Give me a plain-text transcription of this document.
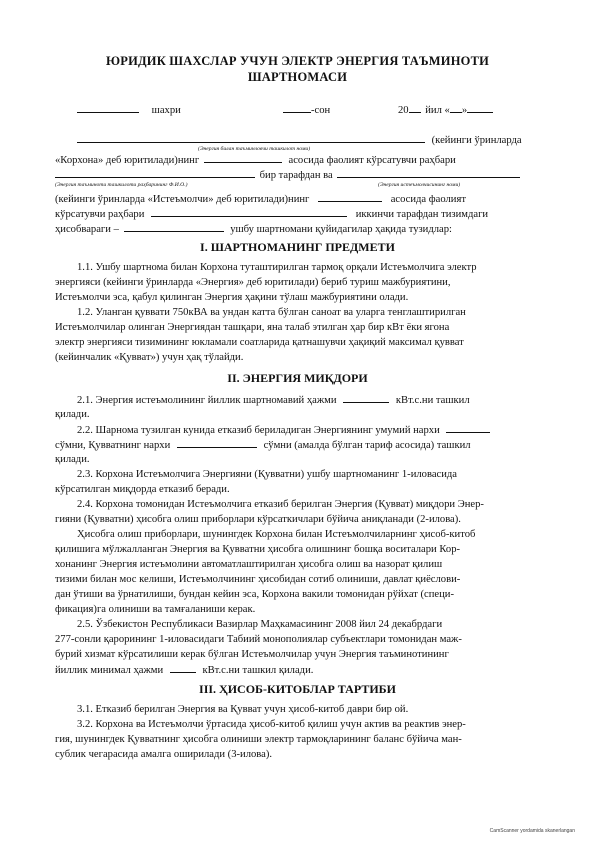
ЮРИДИК ШАХСЛАР УЧУН ЭЛЕКТР ЭНЕРГИЯ ТАЪМИНОТИ
ШАРТНОМАСИ
шахри	-сон	20 йил « »
(кейинги ўринларда
(Энергия билан таъминловчи ташкилот номи)
«Корхона» деб юритилади)нинг	асосида фаолият кўрсатувчи раҳбари
бир тарафдан ва
(Энергия таъминоти ташкилоти раҳбарининг Ф.И.О.)	(Энергия истеъмолчисининг номи)
(кейинги ўринларда «Истеъмолчи» деб юритилади)нинг	асосида фаолият
кўрсатувчи раҳбари	иккинчи тарафдан тизимдаги
ҳисобвараги –	ушбу шартномани қуйидагилар ҳақида тузидлар:
I. ШАРТНОМАНИНГ ПРЕДМЕТИ
1.1. Ушбу шартнома билан Корхона туташтирилган тармоқ орқали Истеъмолчига электр
энергияси (кейинги ўринларда «Энергия» деб юритилади) бериб туриш мажбуриятини,
Истеъмолчи эса, қабул қилинган Энергия ҳақини тўлаш мажбуриятини олади.
1.2. Уланган қуввати 750кВА ва ундан катта бўлган саноат ва уларга тенглаштирилган
Истеъмолчилар олинган Энергиядан ташқари, яна талаб этилган ҳар бир кВт ёки ягона
электр энергияси тизимининг юкламали соатларида қатнашувчи ҳақиқий максимал қувват
(кейинчалик «Қувват») учун ҳақ тўлайди.
II. ЭНЕРГИЯ МИҚДОРИ
2.1. Энергия истеъмолининг йиллик шартномавий ҳажми	кВт.с.ни ташкил
қилади.
2.2. Шарнома тузилган кунида етказиб бериладиган Энергиянинг умумий нархи
сўмни, Қувватнинг нархи	сўмни (амалда бўлган тариф асосида) ташкил
қилади.
2.3. Корхона Истеъмолчига Энергияни (Қувватни) ушбу шартноманинг 1-иловасида
кўрсатилган миқдорда етказиб беради.
2.4. Корхона томонидан Истеъмолчига етказиб берилган Энергия (Қувват) миқдори Энер-
гияни (Қувватни) ҳисобга олиш приборлари кўрсаткичлари бўйича аниқланади (2-илова).
Ҳисобга олиш приборлари, шунингдек Корхона билан Истеъмолчиларнинг ҳисоб-китоб
қилишига мўлжалланган Энергия ва Қувватни ҳисобга олишнинг бошқа воситалари Кор-
хонанинг Энергия истеъмолини автоматлаштирилган ҳисобга олиш ва назорат қилиш
тизими билан мос келиши, Истеъмолчининг ҳисобидан сотиб олиниши, давлат қиёслови-
дан ўтиши ва ўрнатилиши, бундан кейин эса, Корхона вакили томонидан рўйхат (специ-
фикация)га олиниши ва тамғаланиши керак.
2.5. Ўзбекистон Республикаси Вазирлар Маҳкамасининг 2008 йил 24 декабрдаги
277-сонли қарорининг 1-иловасидаги Табиий монополиялар субъектлари томонидан маж-
бурий хизмат кўрсатилиши керак бўлган Истеъмолчилар учун Энергия таъминотининг
йиллик минимал ҳажми	кВт.с.ни ташкил қилади.
III. ҲИСОБ-КИТОБЛАР ТАРТИБИ
3.1. Етказиб берилган Энергия ва Қувват учун ҳисоб-китоб даври бир ой.
3.2. Корхона ва Истеъмолчи ўртасида ҳисоб-китоб қилиш учун актив ва реактив энер-
гия, шунингдек Қувватнинг ҳисобга олиниши электр тармоқларининг баланс бўйича ман-
сублик чегарасида амалга оширилади (3-илова).
CamScanner yordamida skanerlangan
